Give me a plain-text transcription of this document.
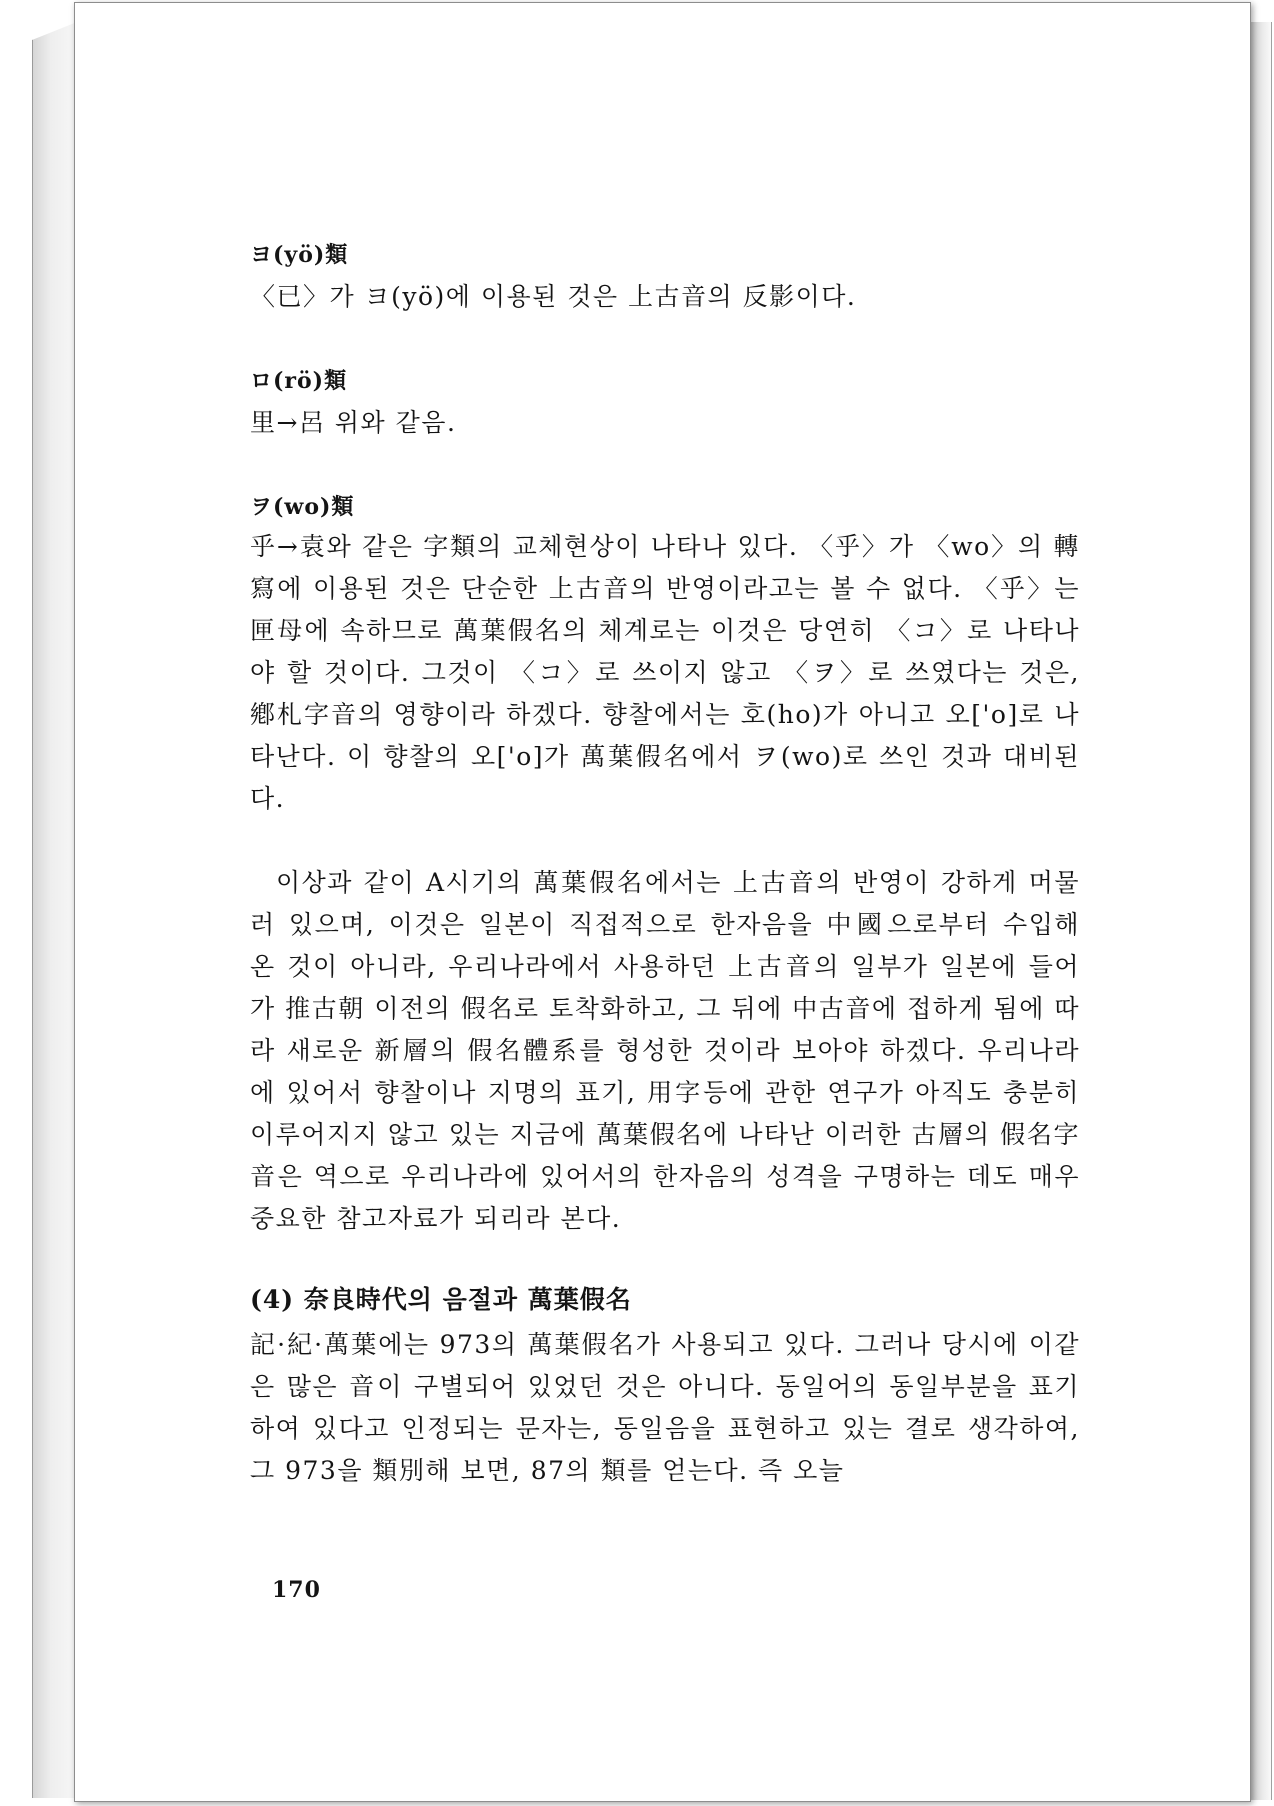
ヨ(yö)類

〈已〉가 ヨ(yö)에 이용된 것은 上古音의 反影이다.

ロ(rö)類

里→呂 위와 같음.

ヲ(wo)類

乎→袁와 같은 字類의 교체현상이 나타나 있다. 〈乎〉가 〈wo〉의 轉寫에 이용된 것은 단순한 上古音의 반영이라고는 볼 수 없다. 〈乎〉는 匣母에 속하므로 萬葉假名의 체계로는 이것은 당연히 〈コ〉로 나타나야 할 것이다. 그것이 〈コ〉로 쓰이지 않고 〈ヲ〉로 쓰였다는 것은, 鄕札字音의 영향이라 하겠다. 향찰에서는 호(ho)가 아니고 오['o]로 나타난다. 이 향찰의 오['o]가 萬葉假名에서 ヲ(wo)로 쓰인 것과 대비된다.

이상과 같이 A시기의 萬葉假名에서는 上古音의 반영이 강하게 머물러 있으며, 이것은 일본이 직접적으로 한자음을 中國으로부터 수입해 온 것이 아니라, 우리나라에서 사용하던 上古音의 일부가 일본에 들어가 推古朝 이전의 假名로 토착화하고, 그 뒤에 中古音에 접하게 됨에 따라 새로운 新層의 假名體系를 형성한 것이라 보아야 하겠다. 우리나라에 있어서 향찰이나 지명의 표기, 用字등에 관한 연구가 아직도 충분히 이루어지지 않고 있는 지금에 萬葉假名에 나타난 이러한 古層의 假名字音은 역으로 우리나라에 있어서의 한자음의 성격을 구명하는 데도 매우 중요한 참고자료가 되리라 본다.

(4) 奈良時代의 음절과 萬葉假名

記·紀·萬葉에는 973의 萬葉假名가 사용되고 있다. 그러나 당시에 이같은 많은 音이 구별되어 있었던 것은 아니다. 동일어의 동일부분을 표기하여 있다고 인정되는 문자는, 동일음을 표현하고 있는 결로 생각하여, 그 973을 類別해 보면, 87의 類를 얻는다. 즉 오늘

170
